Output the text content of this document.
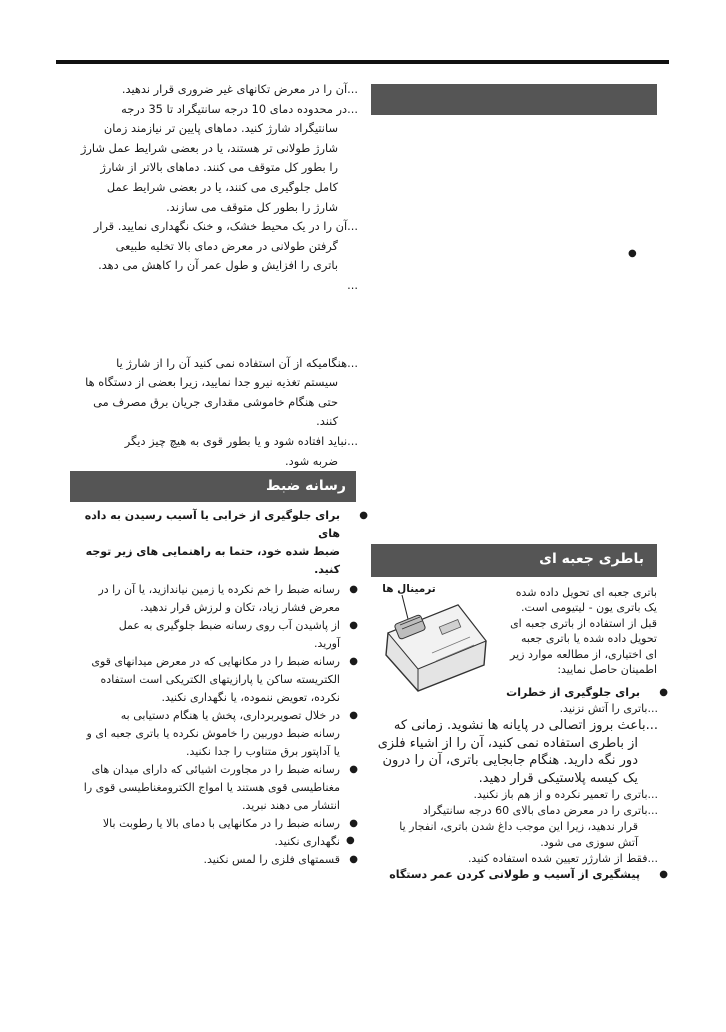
●

...آن را در معرض تکانهای غیر ضروری قرار ندهید.

...در محدوده دمای 10 درجه سانتیگراد تا 35 درجه
سانتیگراد شارژ کنید. دماهای پایین تر نیازمند زمان
شارژ طولانی تر هستند، یا در بعضی شرایط عمل شارژ
را بطور کل متوقف می کنند. دماهای بالاتر از شارژ
کامل جلوگیری می کنند، یا در بعضی شرایط عمل
شارژ را بطور کل متوقف می سازند.

...آن را در یک محیط خشک، و خنک نگهداری نمایید. قرار
گرفتن طولانی در معرض دمای بالا تخلیه طبیعی
باتری را افزایش و طول عمر آن را کاهش می دهد.

...

...هنگامیکه از آن استفاده نمی کنید آن را از شارژ یا
سیستم تغذیه نیرو جدا نمایید، زیرا بعضی از دستگاه ها
حتی هنگام خاموشی مقداری جریان برق مصرف می
کنند.

...نباید افتاده شود و یا بطور قوی به هیچ چیز دیگر
ضربه شود.

رسانه ضبط

● برای جلوگیری از خرابی یا آسیب رسیدن به داده های
ضبط شده خود، حتما به راهنمایی های زیر توجه کنید.

● رسانه ضبط را خم نکرده یا زمین نیاندازید، یا آن را در
معرض فشار زیاد، تکان و لرزش قرار ندهید.

● از پاشیدن آب روی رسانه ضبط جلوگیری به عمل
آورید.

● رسانه ضبط را در مکانهایی که در معرض میدانهای قوی
الکتریسته ساکن یا پارازیتهای الکتریکی است استفاده
نکرده، تعویض ننموده، یا نگهداری نکنید.

● در خلال تصویربرداری، پخش یا هنگام دستیابی به
رسانه ضبط دوربین را خاموش نکرده یا باتری جعبه ای و
یا آداپتور برق متناوب را جدا نکنید.

● رسانه ضبط را در مجاورت اشیائی که دارای میدان های
مغناطیسی قوی هستند یا امواج الکترومغناطیسی قوی را
انتشار می دهند نبرید.

● رسانه ضبط را در مکانهایی با دمای بالا یا رطوبت بالا
نگهداری نکنید.

● قسمتهای فلزی را لمس نکنید.

باطری جعبه ای
ترمینال ها	باتری جعبه ای تحویل داده شده
یک باتری یون - لیتیومی است.
قبل از استفاده از باتری جعبه ای
تحویل داده شده یا باتری جعبه
ای اختیاری، از مطالعه موارد زیر
اطمینان حاصل نمایید:

● برای جلوگیری از خطرات

...باتری را آتش نزنید.

...باعث بروز اتصالی در پایانه ها نشوید. زمانی که
از باطری استفاده نمی کنید، آن را از اشیاء فلزی
دور نگه دارید. هنگام جابجایی باتری، آن را درون
یک کیسه پلاستیکی قرار دهید.

...باتری را تعمیر نکرده و از هم باز نکنید.

...باتری را در معرض دمای بالای 60 درجه سانتیگراد
قرار ندهید، زیرا این موجب داغ شدن باتری، انفجار یا
آتش سوزی می شود.

...فقط از شارژر تعیین شده استفاده کنید.

● پیشگیری از آسیب و طولانی کردن عمر دستگاه

●
